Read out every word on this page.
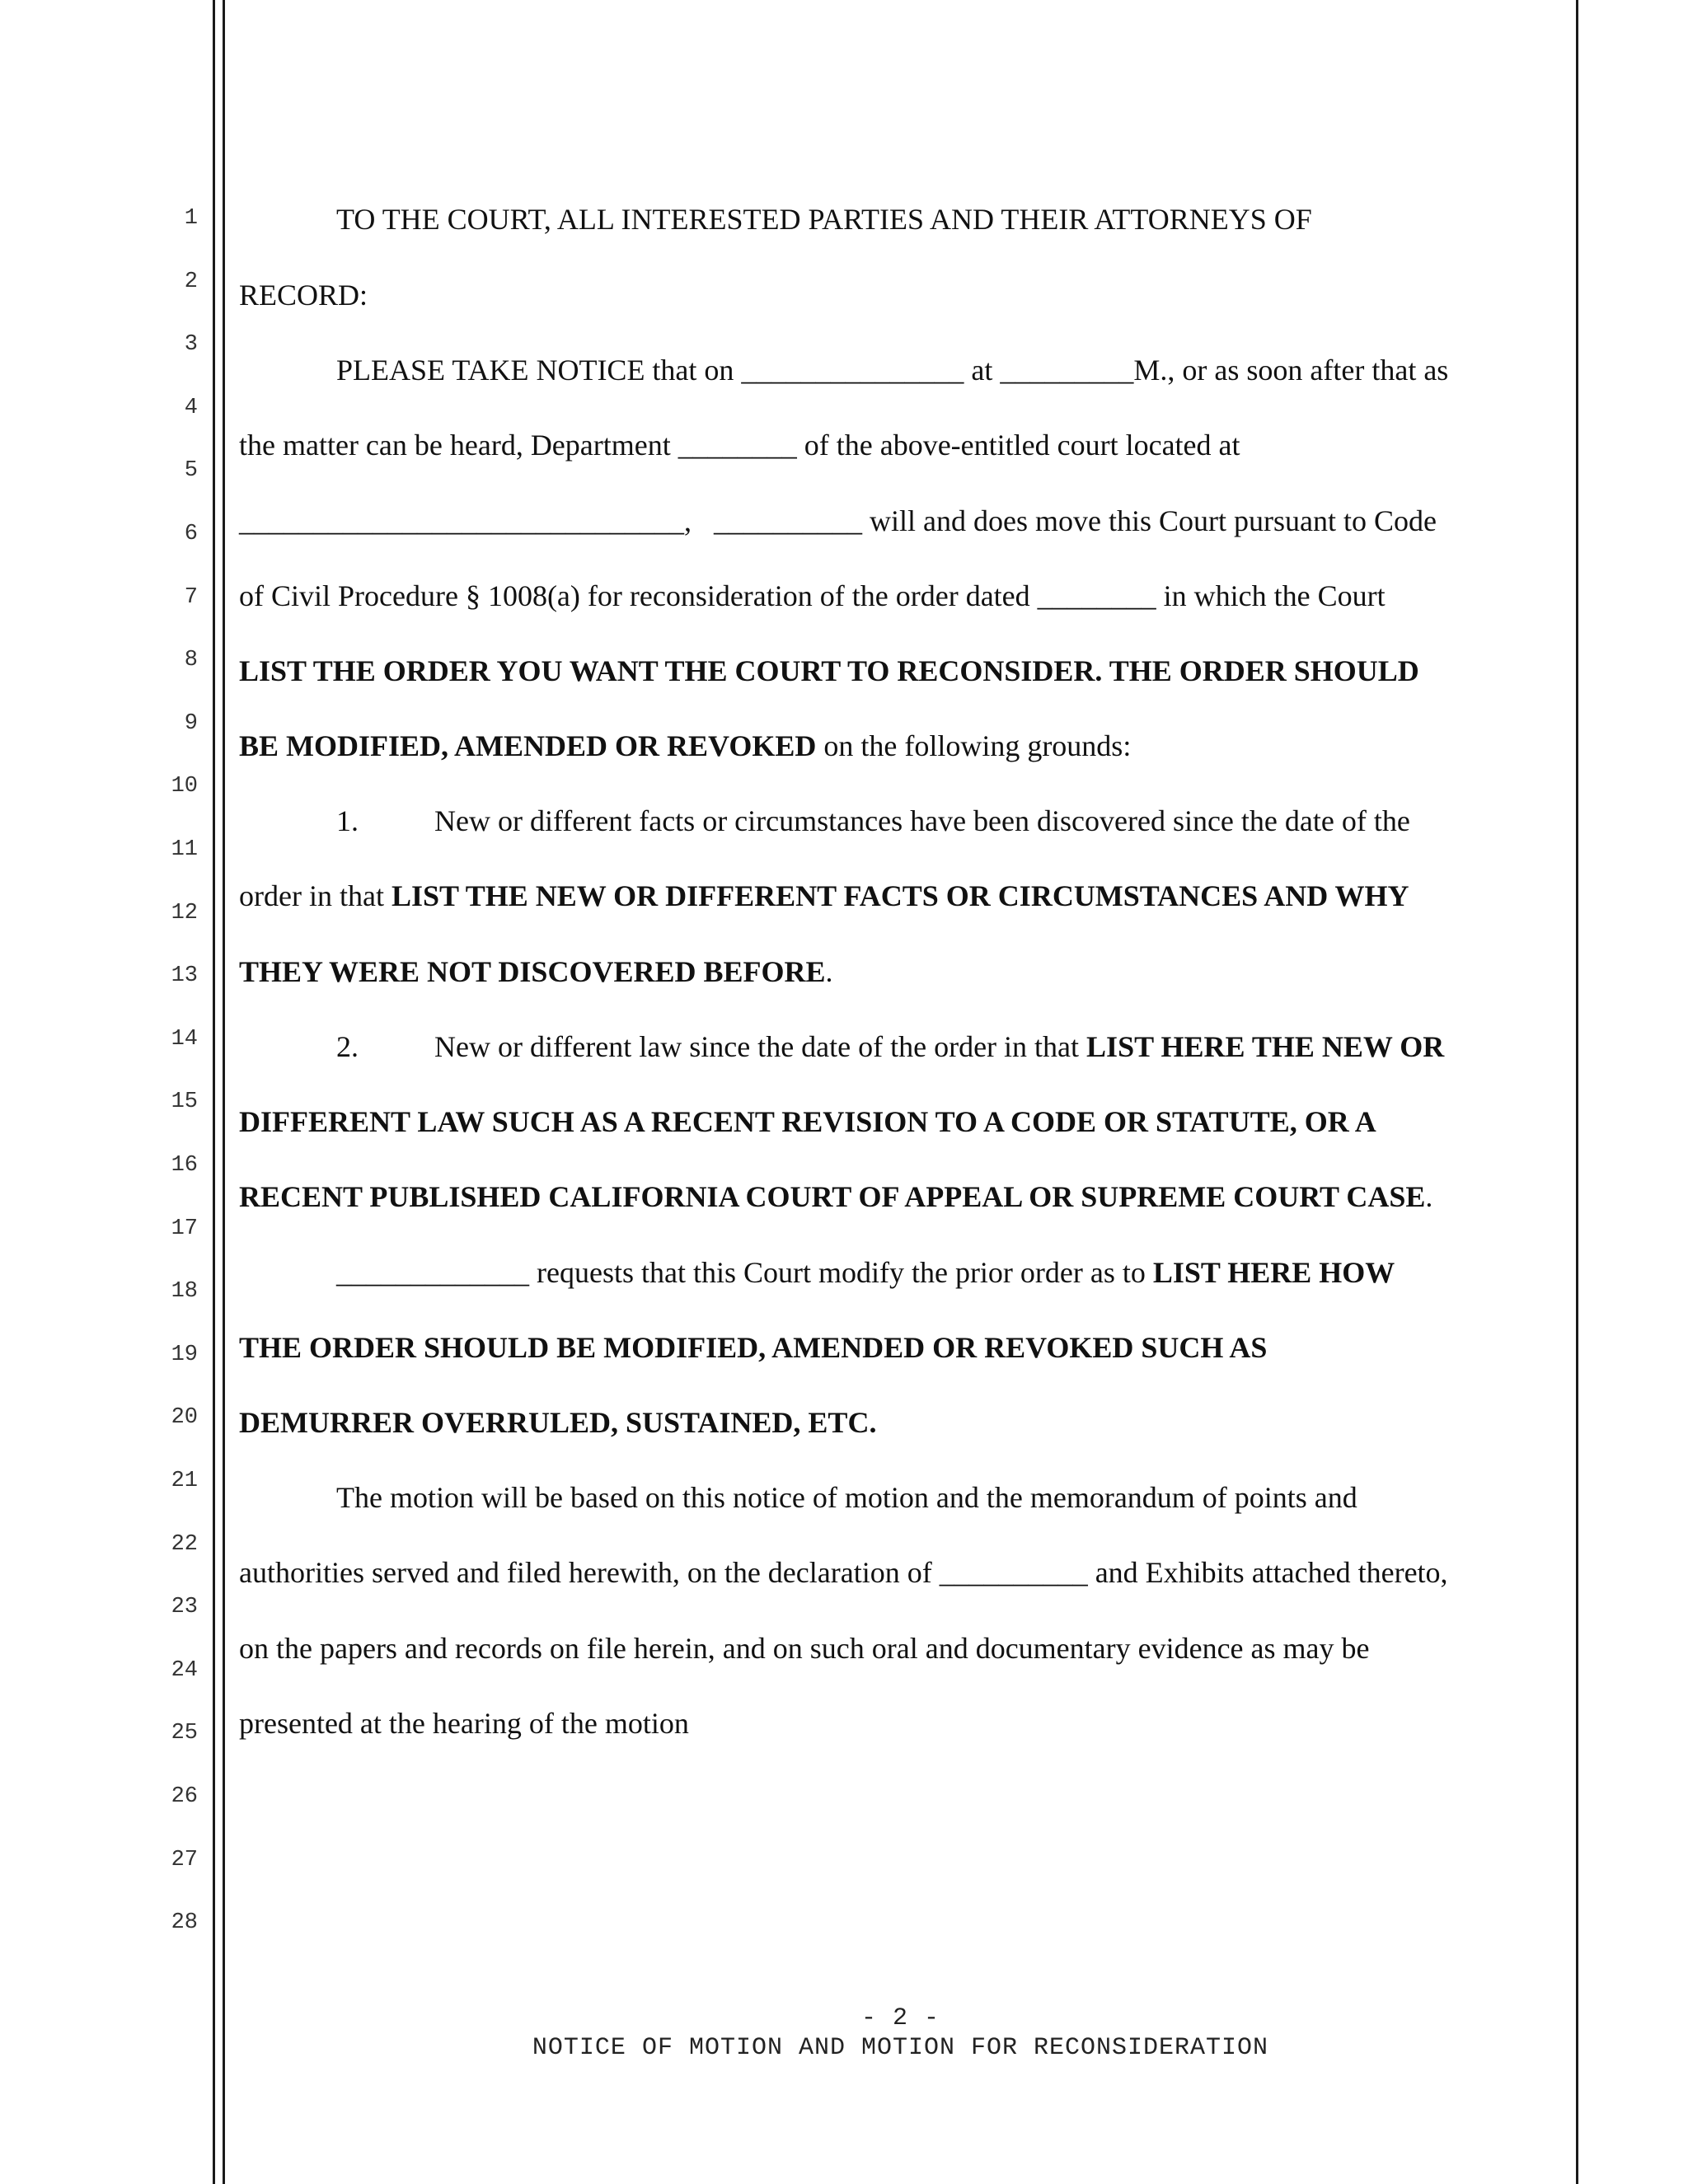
1
2
3
4
5
6
7
8
9
10
11
12
13
14
15
16
17
18
19
20
21
22
23
24
25
26
27
28
TO THE COURT, ALL INTERESTED PARTIES AND THEIR ATTORNEYS OF
RECORD:
PLEASE TAKE NOTICE that on _______________ at _________M., or as soon after that as
the matter can be heard, Department ________ of the above-entitled court located at
______________________________, __________ will and does move this Court pursuant to Code
of Civil Procedure § 1008(a) for reconsideration of the order dated ________ in which the Court
LIST THE ORDER YOU WANT THE COURT TO RECONSIDER. THE ORDER SHOULD
BE MODIFIED, AMENDED OR REVOKED on the following grounds:
1.	New or different facts or circumstances have been discovered since the date of the
order in that LIST THE NEW OR DIFFERENT FACTS OR CIRCUMSTANCES AND WHY
THEY WERE NOT DISCOVERED BEFORE.
2.	New or different law since the date of the order in that LIST HERE THE NEW OR
DIFFERENT LAW SUCH AS A RECENT REVISION TO A CODE OR STATUTE, OR A
RECENT PUBLISHED CALIFORNIA COURT OF APPEAL OR SUPREME COURT CASE.
_____________ requests that this Court modify the prior order as to LIST HERE HOW
THE ORDER SHOULD BE MODIFIED, AMENDED OR REVOKED SUCH AS
DEMURRER OVERRULED, SUSTAINED, ETC.
The motion will be based on this notice of motion and the memorandum of points and
authorities served and filed herewith, on the declaration of __________ and Exhibits attached thereto,
on the papers and records on file herein, and on such oral and documentary evidence as may be
presented at the hearing of the motion
- 2 -
NOTICE OF MOTION AND MOTION FOR RECONSIDERATION
